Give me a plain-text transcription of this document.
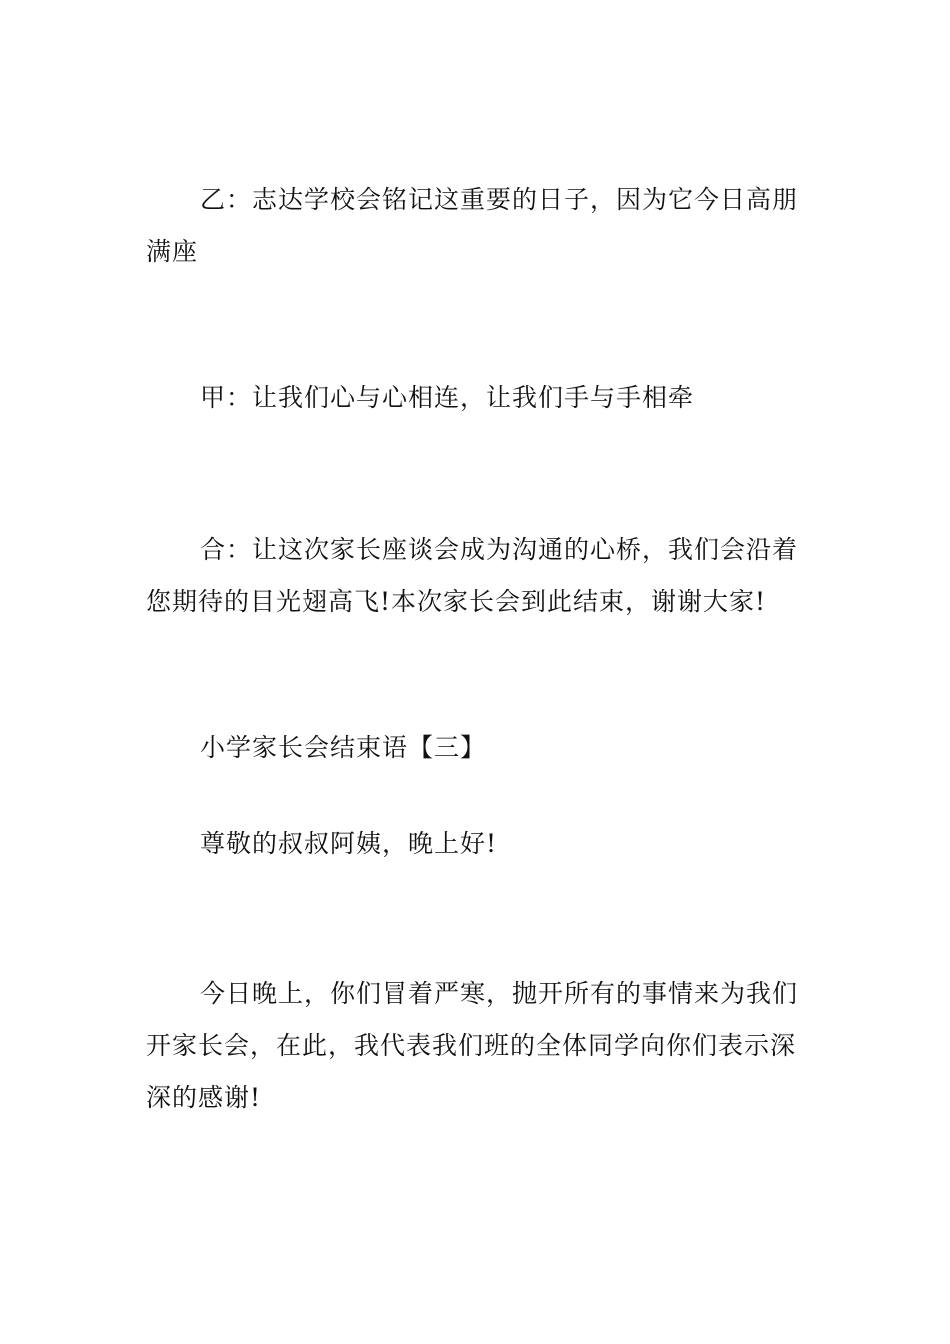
乙：志达学校会铭记这重要的日子，因为它今日高朋满座

甲：让我们心与心相连，让我们手与手相牵

合：让这次家长座谈会成为沟通的心桥，我们会沿着您期待的目光翅高飞!本次家长会到此结束，谢谢大家!

小学家长会结束语【三】

尊敬的叔叔阿姨，晚上好!

今日晚上，你们冒着严寒，抛开所有的事情来为我们开家长会，在此，我代表我们班的全体同学向你们表示深深的感谢!
